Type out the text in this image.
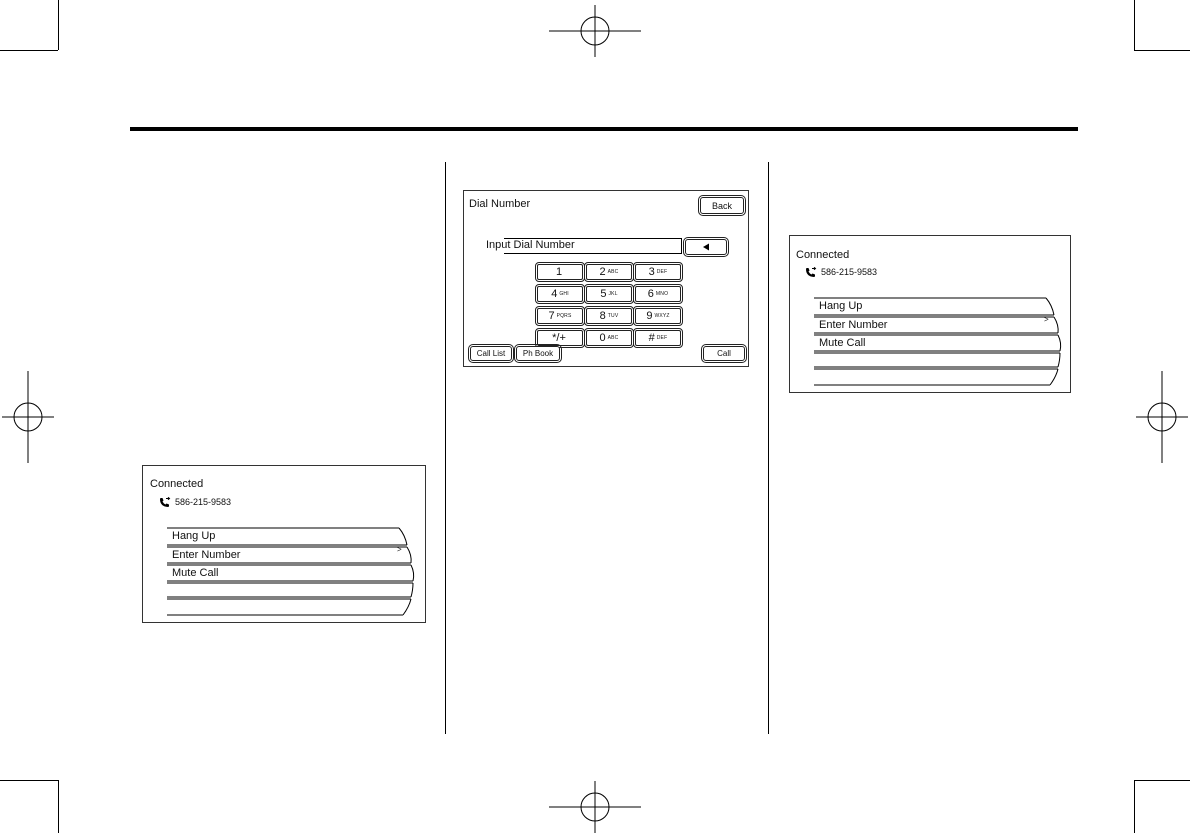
Connected
586-215-9583
Hang Up
Enter Number	>
Mute Call
Dial Number	Back
Input Dial Number
1	2 ABC	3 DEF
4 GHI	5 JKL	6 MNO
7 PQRS	8 TUV	9 WXYZ
*/+	0 ABC	# DEF
Call List	Ph Book	Call
Connected
586-215-9583
Hang Up
Enter Number	>
Mute Call
